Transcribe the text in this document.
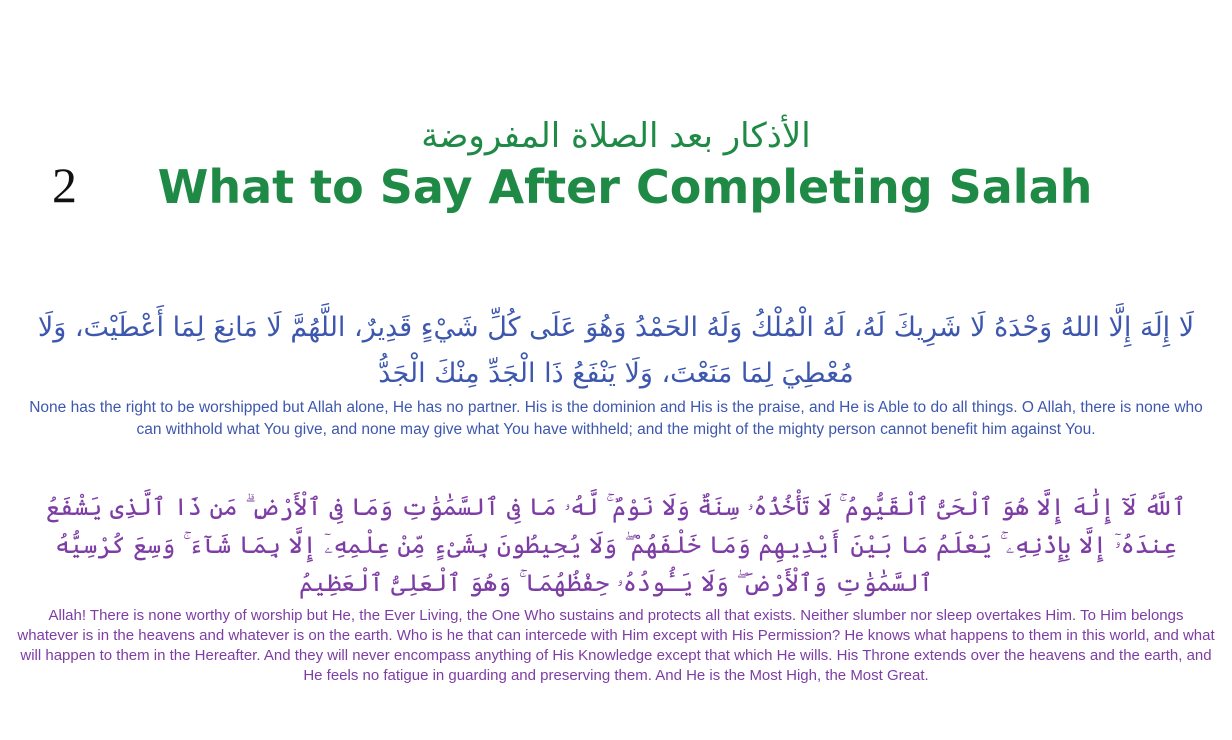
2
الأذكار بعد الصلاة المفروضة
What to Say After Completing Salah
لَا إِلَهَ إِلَّا اللهُ وَحْدَهُ لَا شَرِيكَ لَهُ، لَهُ الْمُلْكُ وَلَهُ الحَمْدُ وَهُوَ عَلَى كُلِّ شَيْءٍ قَدِيرٌ، اللَّهُمَّ لَا مَانِعَ لِمَا أَعْطَيْتَ، وَلَا مُعْطِيَ لِمَا مَنَعْتَ، وَلَا يَنْفَعُ ذَا الْجَدِّ مِنْكَ الْجَدُّ
None has the right to be worshipped but Allah alone, He has no partner. His is the dominion and His is the praise, and He is Able to do all things. O Allah, there is none who can withhold what You give, and none may give what You have withheld; and the might of the mighty person cannot benefit him against You.
ٱللَّهُ لَآ إِلَٰهَ إِلَّا هُوَ ٱلْحَىُّ ٱلْقَيُّومُ ۚ لَا تَأْخُذُهُۥ سِنَةٌ وَلَا نَوْمٌ ۚ لَّهُۥ مَا فِى ٱلسَّمَٰوَٰتِ وَمَا فِى ٱلْأَرْضِ ۗ مَن ذَا ٱلَّذِى يَشْفَعُ عِندَهُۥٓ إِلَّا بِإِذْنِهِۦ ۚ يَعْلَمُ مَا بَيْنَ أَيْدِيهِمْ وَمَا خَلْفَهُمْ ۖ وَلَا يُحِيطُونَ بِشَىْءٍ مِّنْ عِلْمِهِۦٓ إِلَّا بِمَا شَآءَ ۚ وَسِعَ كُرْسِيُّهُ ٱلسَّمَٰوَٰتِ وَٱلْأَرْضَ ۖ وَلَا يَـُٔودُهُۥ حِفْظُهُمَا ۚ وَهُوَ ٱلْعَلِىُّ ٱلْعَظِيمُ
Allah! There is none worthy of worship but He, the Ever Living, the One Who sustains and protects all that exists. Neither slumber nor sleep overtakes Him. To Him belongs whatever is in the heavens and whatever is on the earth. Who is he that can intercede with Him except with His Permission? He knows what happens to them in this world, and what will happen to them in the Hereafter. And they will never encompass anything of His Knowledge except that which He wills. His Throne extends over the heavens and the earth, and He feels no fatigue in guarding and preserving them. And He is the Most High, the Most Great.
